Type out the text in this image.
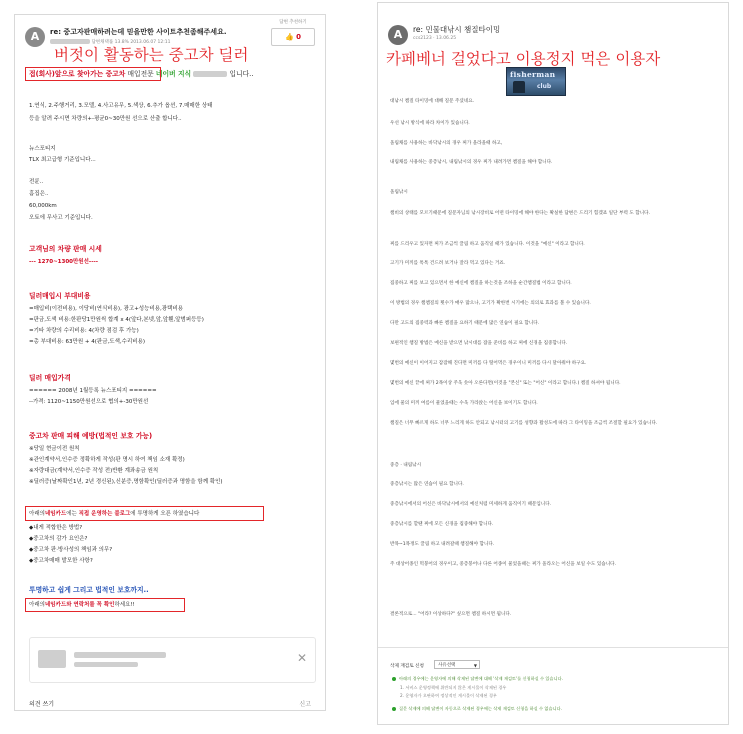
A	re: 중고자판매하려는데 믿을만한 사이트추천좀해주세요.
답변채택률 13.8% 2013.06.07 12:11
답변 추천하기
👍 0
접(회사)앞으로 찾아가는 중고차 매입전문 네이버 지식	입니다..
1.연식, 2.주행거리, 3.모델, 4.사고유무, 5.색상, 6.추가 옵션, 7.매매한 상태
등을 알려 주시면 차량의+-평균0~30만원 선으로 산출 합니다..
뉴스포티지
TLX 최고급형 기준입니다...
전륜..
흠집은..
60,000km
오토에 무사고 기준입니다.
고객님의 차량 판매 시세
--- 1270~1300만원선----
딜러매입시 부대비용
=매입비(이전비용), 이당비(연식비용), 광고+성능비용,광택비용
=판금,도색 비용:한판당1만원씩 합계 x 4(앞다,본넷,앞,앞휀,앞범퍼등등)
=기타 차량의 수리비용: 4(차량 점검 후 가능)
=총 부대비용: 63만원 + 4(판금,도색,수리비용)
딜러 매입가격
====== 2008년 1월등록 뉴스포티지 ======
--가격: 1120~1150만원선으로 협의+-30만원선
중고차 판매 피해 예방(법적인 보호 가능)
※당일 현금이전 원칙
※관인계약서,인수증 정확하게 작성(판 명시 하여 책임 소재 확정)
※자량대금(계약서,인수증 작성 전)반환 계좌송금 원칙
※딜러증(날짜확인1년, 2년 경신된),신분증,명함확인(딜러증과 명함을 함께 확인)
아래의네임카드에는 직접 운영하는 블로그에 투명하게 오픈 하였습니다
◆내게 적합한은 방법?
◆중고차의 감가 요인은?
◆중고차 판·방사성의 책임과 의무?
◆중고차매매 발모한 사항?
투명하고 쉽게 그리고 법적인 보호까지..
아래의네임카드와 연락처를 꼭 확인하세요!!
✕
의견 쓰기	신고
A	re: 민물대낚시 챔질타이밍
ccs2123 · 13.06.25
fisherman
club
대낚시 챔질 타이밍에 대해 질문 주셨네요.
우선 낚시 방식에 따라 차이가 있습니다.
올림채를 사용하는 바닥낚시의 경우 찌가 올라올때 하고,
내림채를 사용하는 중층낚시, 내림낚시의 경우 찌가 내려가면 챔질을 해야 합니다.
올림낚시
챔비의 상태를 모르기때문에 질문자님의 낚시장비로 어떤 타이밍에 해야 한다는 확실한 답변은 드리기 힘겠죠 일단 부력 도 합니다.
찌를 드리우고 있자면 찌가 조금씩 끌림 하고 움직일 때가 있습니다. 이것을 "예신" 이라고 합니다.
고기가 미끼를 톡톡 건드려 보거나 잘라 먹고 있다는 거죠.
집중하고 찌를 보고 있으면서 한 예신에 챔질을 하는것을 조하을 순간챔질법 이라고 합니다.
이 방법의 경우 챔챔질의 횟수가 매우 많으나, 고기가 확한번 시기에는 의의로 효과를 볼 수 있습니다.
다만 고도의 집중력과 빠른 챔질을 요하기 때문에 많은 연습이 필요 합니다.
보편적인 챔질 방법은 예신을 받으면 낚시대를 잡을 준비를 하고 찌에 신경을 집중합니다.
몇번의 예신이 이어지고 잠잠해 진다면 미끼를 다 떨어먹은 경우이니 미끼를 다시 달아줘야 하구요.
몇번의 예신 끝에 찌가 2목이상 주욱 솟아 오른다면(이것을 "본신" 또는 "어신" 이라고 합니다.) 챔질 하셔야 됩니다.
입에 물의 미끼 여름이 물었을때는 수욱 가라앉는 어신을 보이기도 합니다.
챔질은 너무 빠르게 하도 너무 느리게 하도 안되고 낚시터의 고기를 성향과 활성도에 따라 그 타이밍을 조금씩 조절할 필요가 있습니다.
중층 · 내림낚시
중층낚시는 많은 연습이 필요 합니다.
중층낚시에서의 어신은 바닥낚시에서의 예신처럼 미세하게 움직이기 때문입니다.
중층낚시를 할땐 찌에 모든 신경을 집중해야 합니다.
반목~1목정도 끌림 하고 내려갈때 챔질해야 합니다.
주 대상어종인 떡붕어의 경우이고, 중층붕어나 다른 어종이 물었을때는 찌가 올라오는 어신을 보일 수도 있습니다.
결론적으로... "어라? 이상하다?" 싶으면 챔질 하시면 됩니다.
삭제 재검토 신청	사유선택	▼
아래의 경우에는 운영자에 의해 삭제된 답변에 대해 '삭제 재검토'를 신청하실 수 있습니다.
1. 서비스 운영정책에 위반되지 않은 게시물이 삭제된 경우
2. 운영자가 오판하여 정상적인 게시물이 삭제된 경우
질문 삭제에 의해 답변이 자동으로 삭제된 경우에는 삭제 재검토 신청을 하실 수 없습니다.
버젓이 활동하는 중고차 딜러	카페베너 걸었다고 이용정지 먹은 이용자
